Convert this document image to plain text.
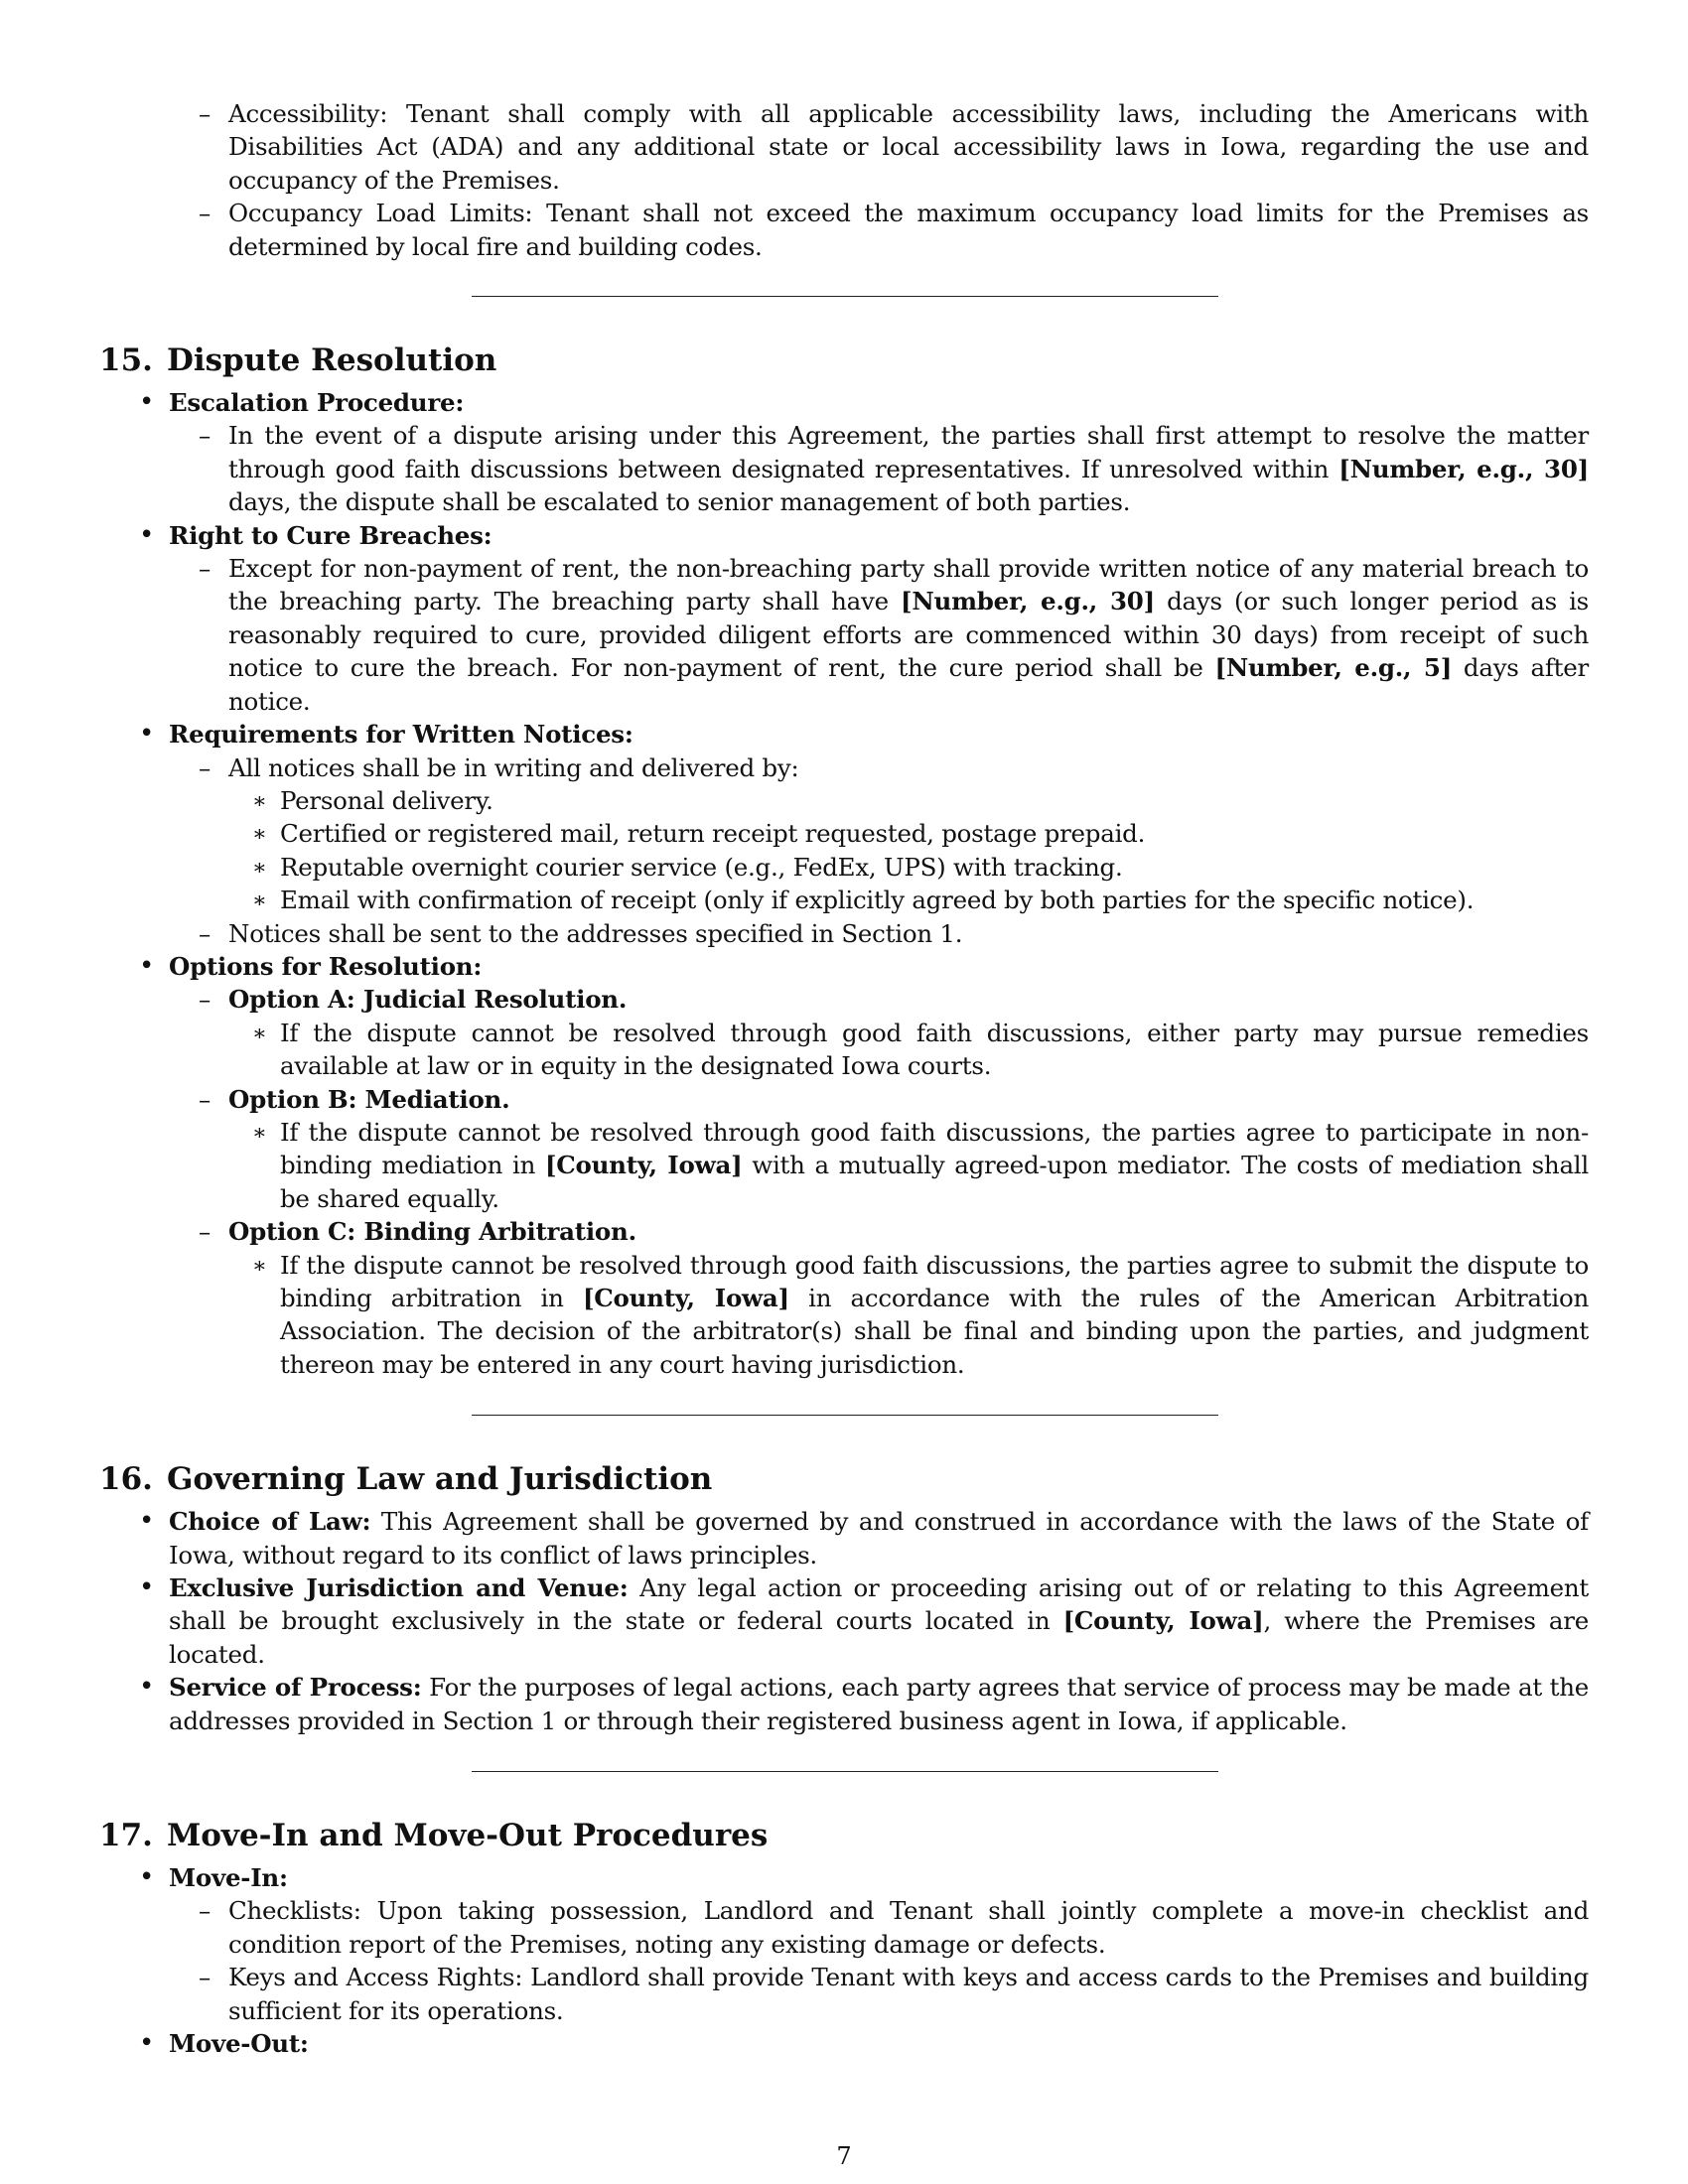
– Accessibility: Tenant shall comply with all applicable accessibility laws, including the Americans with Disabilities Act (ADA) and any additional state or local accessibility laws in Iowa, regarding the use and occupancy of the Premises.
– Occupancy Load Limits: Tenant shall not exceed the maximum occupancy load limits for the Premises as determined by local fire and building codes.
15. Dispute Resolution
• Escalation Procedure:
– In the event of a dispute arising under this Agreement, the parties shall first attempt to resolve the matter through good faith discussions between designated representatives. If unresolved within [Number, e.g., 30] days, the dispute shall be escalated to senior management of both parties.
• Right to Cure Breaches:
– Except for non-payment of rent, the non-breaching party shall provide written notice of any material breach to the breaching party. The breaching party shall have [Number, e.g., 30] days (or such longer period as is reasonably required to cure, provided diligent efforts are commenced within 30 days) from receipt of such notice to cure the breach. For non-payment of rent, the cure period shall be [Number, e.g., 5] days after notice.
• Requirements for Written Notices:
– All notices shall be in writing and delivered by:
∗ Personal delivery.
∗ Certified or registered mail, return receipt requested, postage prepaid.
∗ Reputable overnight courier service (e.g., FedEx, UPS) with tracking.
∗ Email with confirmation of receipt (only if explicitly agreed by both parties for the specific notice).
– Notices shall be sent to the addresses specified in Section 1.
• Options for Resolution:
– Option A: Judicial Resolution.
∗ If the dispute cannot be resolved through good faith discussions, either party may pursue remedies available at law or in equity in the designated Iowa courts.
– Option B: Mediation.
∗ If the dispute cannot be resolved through good faith discussions, the parties agree to participate in non-binding mediation in [County, Iowa] with a mutually agreed-upon mediator. The costs of mediation shall be shared equally.
– Option C: Binding Arbitration.
∗ If the dispute cannot be resolved through good faith discussions, the parties agree to submit the dispute to binding arbitration in [County, Iowa] in accordance with the rules of the American Arbitration Association. The decision of the arbitrator(s) shall be final and binding upon the parties, and judgment thereon may be entered in any court having jurisdiction.
16. Governing Law and Jurisdiction
• Choice of Law: This Agreement shall be governed by and construed in accordance with the laws of the State of Iowa, without regard to its conflict of laws principles.
• Exclusive Jurisdiction and Venue: Any legal action or proceeding arising out of or relating to this Agreement shall be brought exclusively in the state or federal courts located in [County, Iowa], where the Premises are located.
• Service of Process: For the purposes of legal actions, each party agrees that service of process may be made at the addresses provided in Section 1 or through their registered business agent in Iowa, if applicable.
17. Move-In and Move-Out Procedures
• Move-In:
– Checklists: Upon taking possession, Landlord and Tenant shall jointly complete a move-in checklist and condition report of the Premises, noting any existing damage or defects.
– Keys and Access Rights: Landlord shall provide Tenant with keys and access cards to the Premises and building sufficient for its operations.
• Move-Out:
7
